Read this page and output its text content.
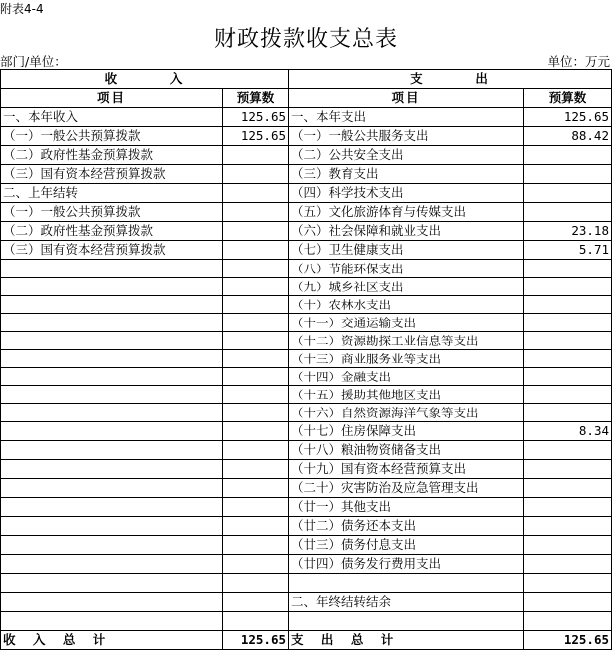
附表4-4
财政拨款收支总表
部门/单位：	单位：万元
收        入		支        出	
项目	预算数	项目	预算数
一、本年收入	125.65	一、本年支出	125.65
（一）一般公共预算拨款	125.65	（一）一般公共服务支出	88.42
（二）政府性基金预算拨款		（二）公共安全支出	
（三）国有资本经营预算拨款		（三）教育支出	
二、上年结转		（四）科学技术支出	
（一）一般公共预算拨款		（五）文化旅游体育与传媒支出	
（二）政府性基金预算拨款		（六）社会保障和就业支出	23.18
（三）国有资本经营预算拨款		（七）卫生健康支出	5.71
		（八）节能环保支出	
		（九）城乡社区支出	
		（十）农林水支出	
		（十一）交通运输支出	
		（十二）资源勘探工业信息等支出	
		（十三）商业服务业等支出	
		（十四）金融支出	
		（十五）援助其他地区支出	
		（十六）自然资源海洋气象等支出	
		（十七）住房保障支出	8.34
		（十八）粮油物资储备支出	
		（十九）国有资本经营预算支出	
		（二十）灾害防治及应急管理支出	
		（廿一）其他支出	
		（廿二）债务还本支出	
		（廿三）债务付息支出	
		（廿四）债务发行费用支出	

		二、年终结转结余	

收    入    总    计	125.65	支    出    总    计	125.65
